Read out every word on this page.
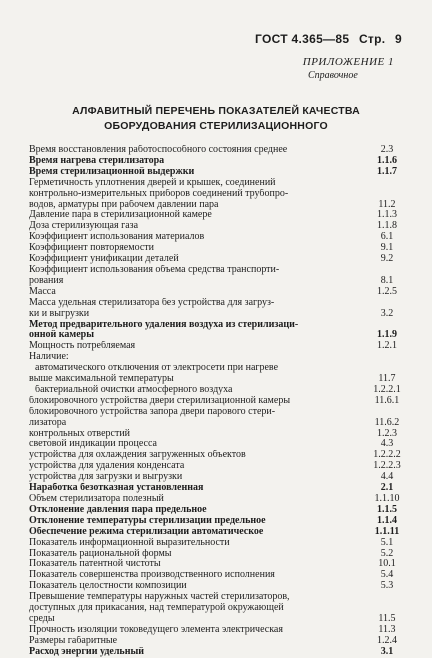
ГОСТ 4.365—85 Стр. 9
ПРИЛОЖЕНИЕ 1
Справочное
АЛФАВИТНЫЙ ПЕРЕЧЕНЬ ПОКАЗАТЕЛЕЙ КАЧЕСТВА
ОБОРУДОВАНИЯ СТЕРИЛИЗАЦИОННОГО
Время восстановления работоспособного состояния среднее	2.3
Время нагрева стерилизатора	1.1.6
Время стерилизационной выдержки	1.1.7
Герметичность уплотнения дверей и крышек, соединений
контрольно-измерительных приборов соединений трубопро-
водов, арматуры при рабочем давлении пара	11.2
Давление пара в стерилизационной камере	1.1.3
Доза стерилизующая газа	1.1.8
Коэффициент использования материалов	6.1
Коэффициент повторяемости	9.1
Коэффициент унификации деталей	9.2
Коэффициент использования объема средства транспорти-
рования	8.1
Масса	1.2.5
Масса удельная стерилизатора без устройства для загруз-
ки и выгрузки	3.2
Метод предварительного удаления воздуха из стерилизаци-
онной камеры	1.1.9
Мощность потребляемая	1.2.1
Наличие:
автоматического отключения от электросети при нагреве
выше максимальной температуры	11.7
бактериальной очистки атмосферного воздуха	1.2.2.1
блокировочного устройства двери стерилизационной камеры	11.6.1
блокировочного устройства запора двери парового стери-
лизатора	11.6.2
контрольных отверстий	1.2.3
световой индикации процесса	4.3
устройства для охлаждения загруженных объектов	1.2.2.2
устройства для удаления конденсата	1.2.2.3
устройства для загрузки и выгрузки	4.4
Наработка безотказная установленная	2.1
Объем стерилизатора полезный	1.1.10
Отклонение давления пара предельное	1.1.5
Отклонение температуры стерилизации предельное	1.1.4
Обеспечение режима стерилизации автоматическое	1.1.11
Показатель информационной выразительности	5.1
Показатель рациональной формы	5.2
Показатель патентной чистоты	10.1
Показатель совершенства производственного исполнения	5.4
Показатель целостности композиции	5.3
Превышение температуры наружных частей стерилизаторов,
доступных для прикасания, над температурой окружающей
среды	11.5
Прочность изоляции токоведущего элемента электрическая	11.3
Размеры габаритные	1.2.4
Расход энергии удельный	3.1
